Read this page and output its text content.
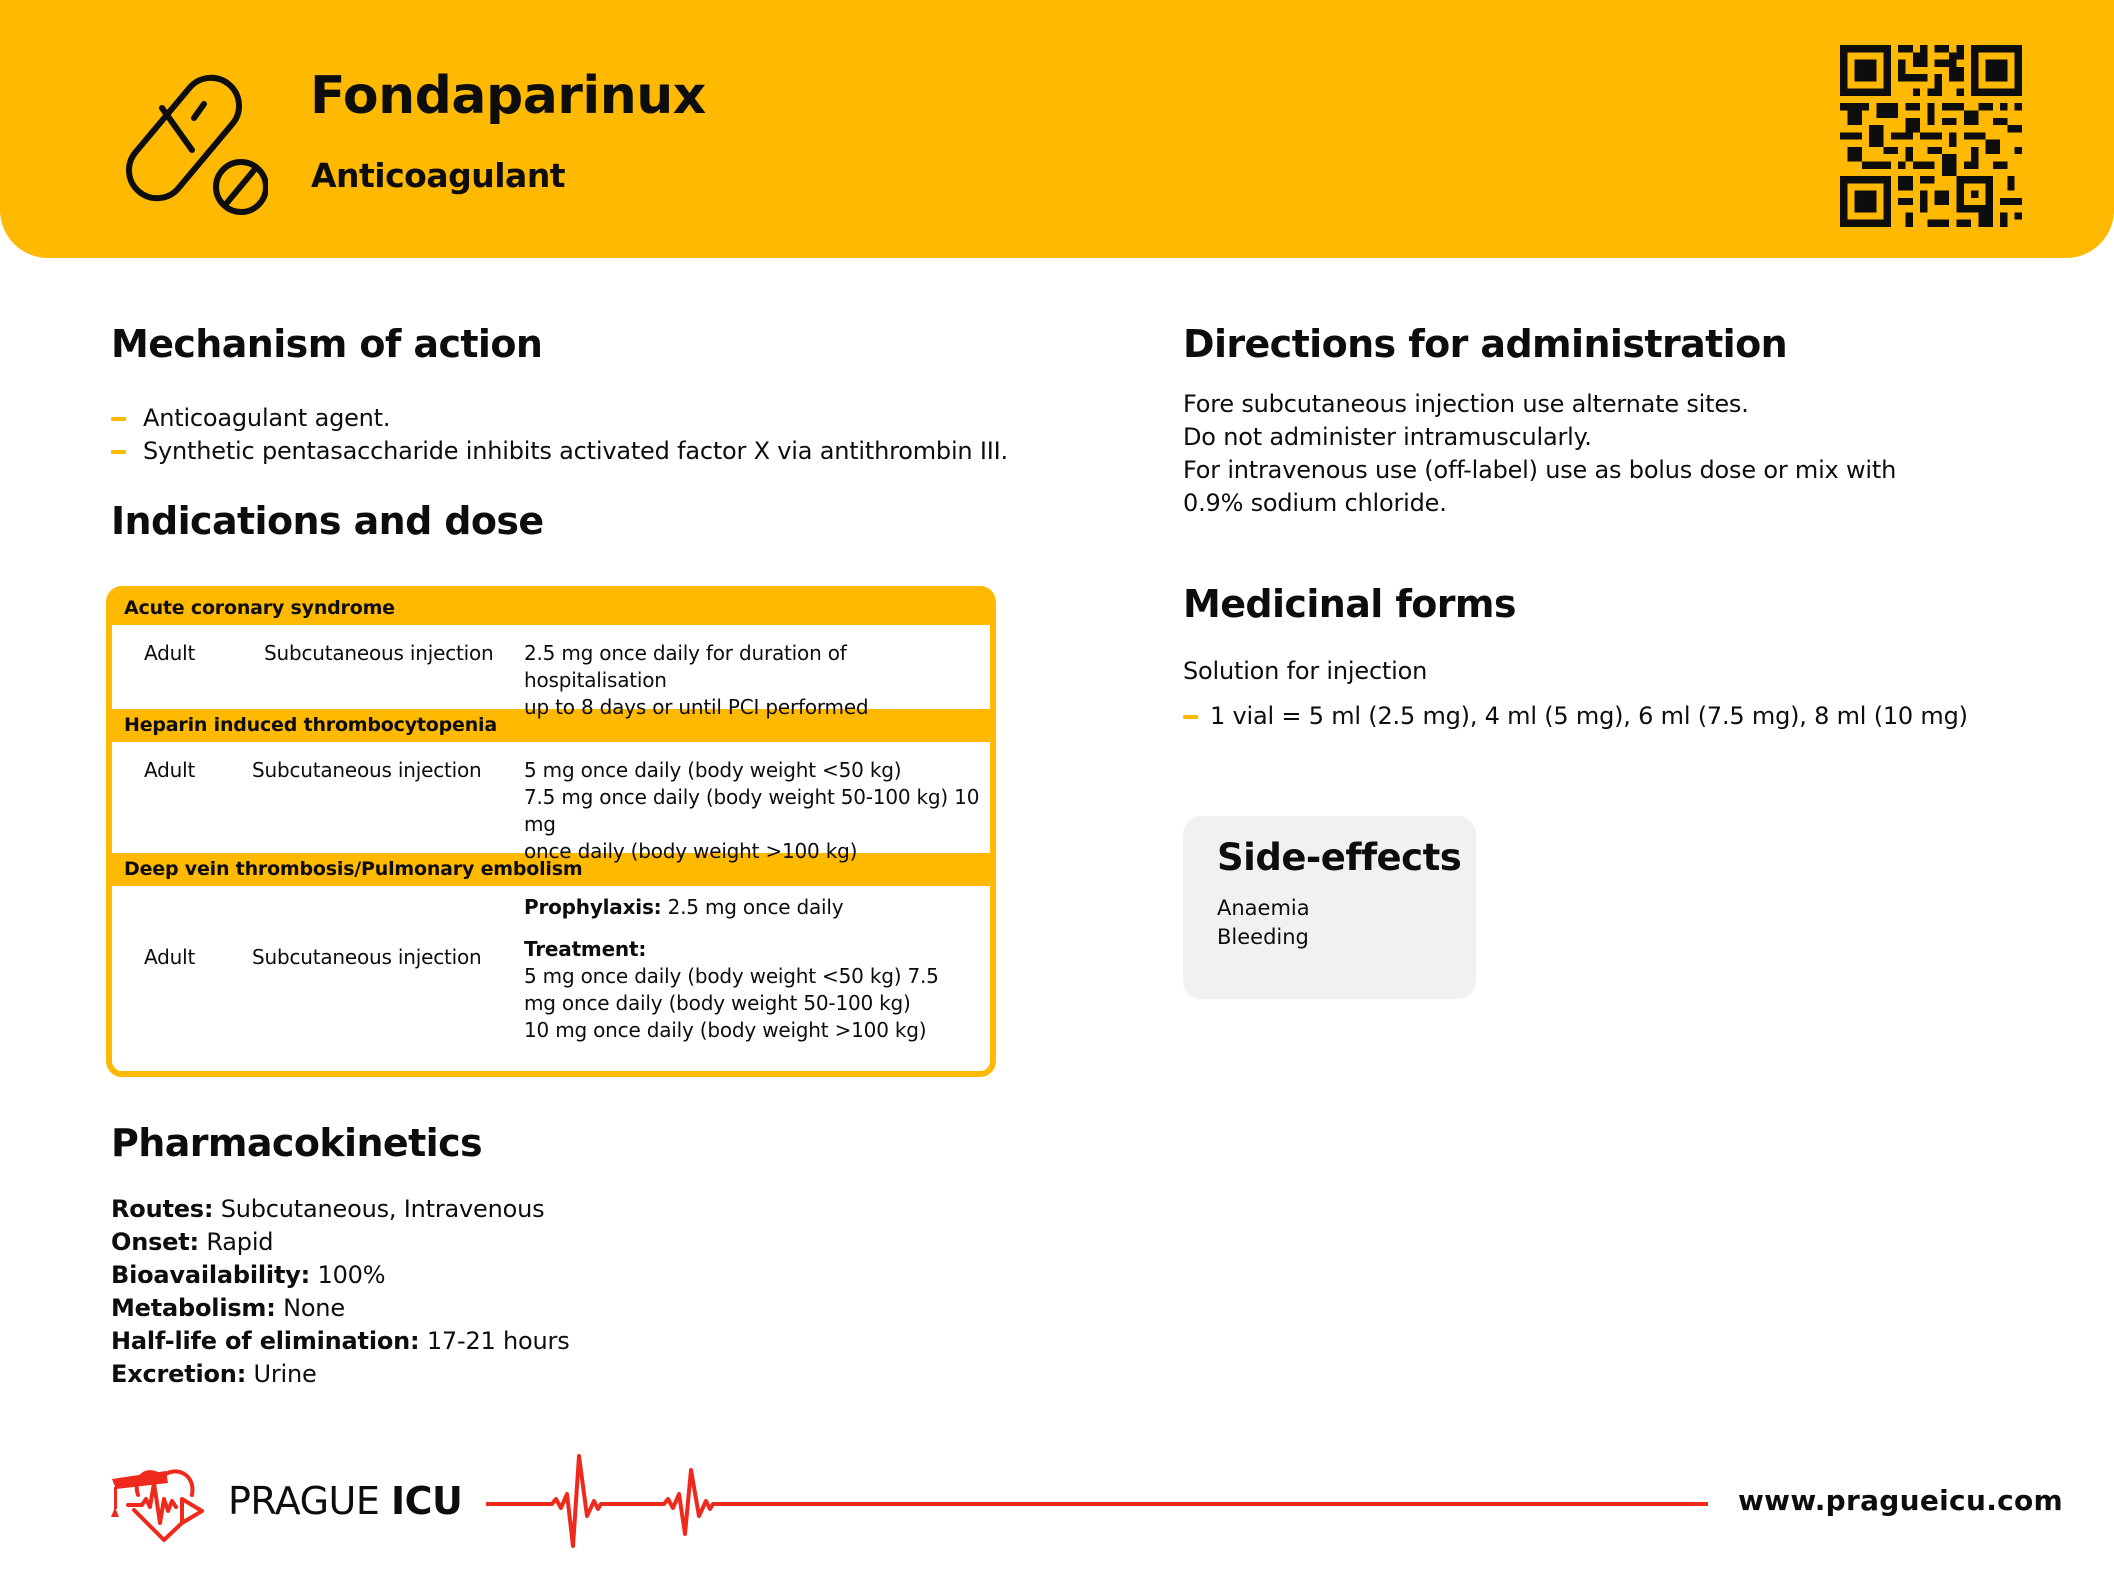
Fondaparinux
Anticoagulant
Mechanism of action
Anticoagulant agent.
Synthetic pentasaccharide inhibits activated factor X via antithrombin III.
Indications and dose
Acute coronary syndrome
Adult	Subcutaneous injection 2.5 mg once daily for duration of hospitalisation
up to 8 days or until PCI performed
Heparin induced thrombocytopenia
Adult	Subcutaneous injection 5 mg once daily (body weight <50 kg)
7.5 mg once daily (body weight 50-100 kg) 10 mg
once daily (body weight >100 kg)
Deep vein thrombosis/Pulmonary embolism
Adult	Subcutaneous injection
Prophylaxis: 2.5 mg once daily
Treatment:
5 mg once daily (body weight <50 kg) 7.5
mg once daily (body weight 50-100 kg)
10 mg once daily (body weight >100 kg)
Pharmacokinetics
Routes: Subcutaneous, Intravenous
Onset: Rapid
Bioavailability: 100%
Metabolism: None
Half-life of elimination: 17-21 hours
Excretion: Urine
Directions for administration
Fore subcutaneous injection use alternate sites.
Do not administer intramuscularly.
For intravenous use (off-label) use as bolus dose or mix with
0.9% sodium chloride.
Medicinal forms
Solution for injection
1 vial = 5 ml (2.5 mg), 4 ml (5 mg), 6 ml (7.5 mg), 8 ml (10 mg)
Side-effects
Anaemia
Bleeding
PRAGUE ICU	www.pragueicu.com
